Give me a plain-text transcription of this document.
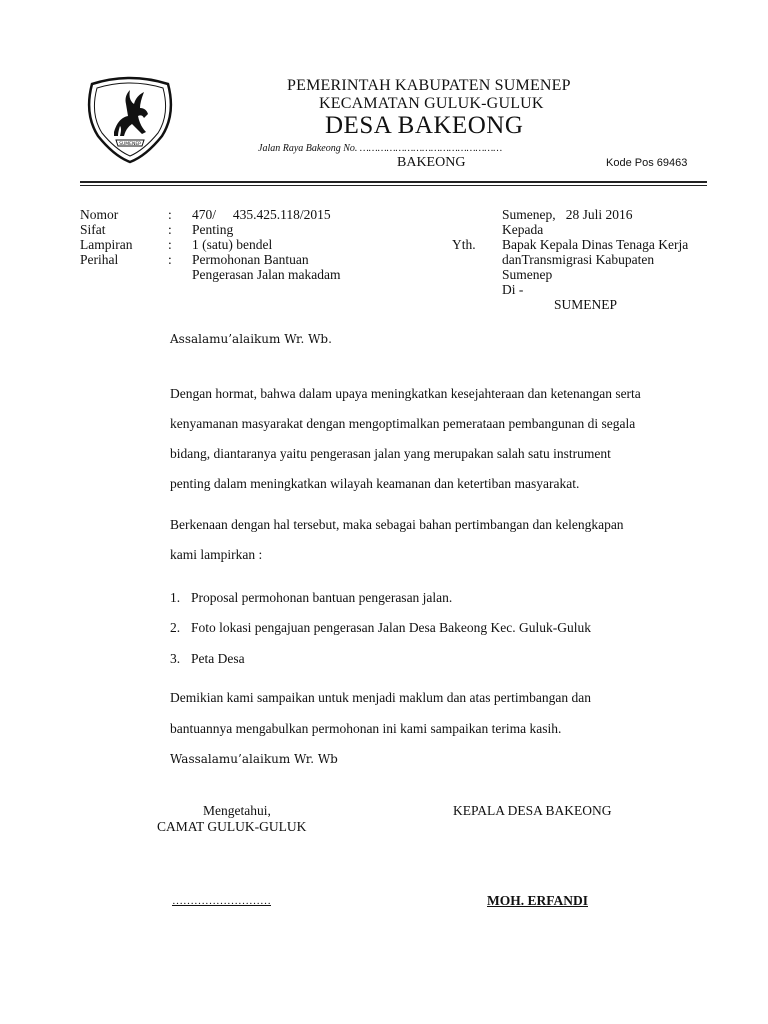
SUMENEP
PEMERINTAH KABUPATEN SUMENEP
KECAMATAN GULUK-GULUK
DESA BAKEONG
Jalan Raya Bakeong No. …………………………………………
BAKEONG	Kode Pos 69463
Nomor
Sifat
Lampiran
Perihal
:
:
:
:
470/     435.425.118/2015
Penting
1 (satu) bendel
Permohonan Bantuan
Pengerasan Jalan makadam
Sumenep,   28 Juli 2016
Kepada
Yth. Bapak Kepala Dinas Tenaga Kerja
danTransmigrasi Kabupaten
Sumenep
Di -
SUMENEP
Assalamu’alaikum Wr. Wb.
Dengan hormat, bahwa dalam upaya meningkatkan kesejahteraan dan ketenangan serta
kenyamanan masyarakat dengan mengoptimalkan pemerataan pembangunan di segala
bidang, diantaranya yaitu pengerasan jalan yang merupakan salah satu instrument
penting dalam meningkatkan wilayah keamanan dan ketertiban masyarakat.
Berkenaan dengan hal tersebut, maka sebagai bahan pertimbangan dan kelengkapan
kami lampirkan :
1. Proposal permohonan bantuan pengerasan jalan.
2. Foto lokasi pengajuan pengerasan Jalan Desa Bakeong Kec. Guluk-Guluk
3. Peta Desa
Demikian kami sampaikan untuk menjadi maklum dan atas pertimbangan dan
bantuannya mengabulkan permohonan ini kami sampaikan terima kasih.
Wassalamu’alaikum Wr. Wb
Mengetahui,
CAMAT GULUK-GULUK
KEPALA DESA BAKEONG
………………………	MOH. ERFANDI
